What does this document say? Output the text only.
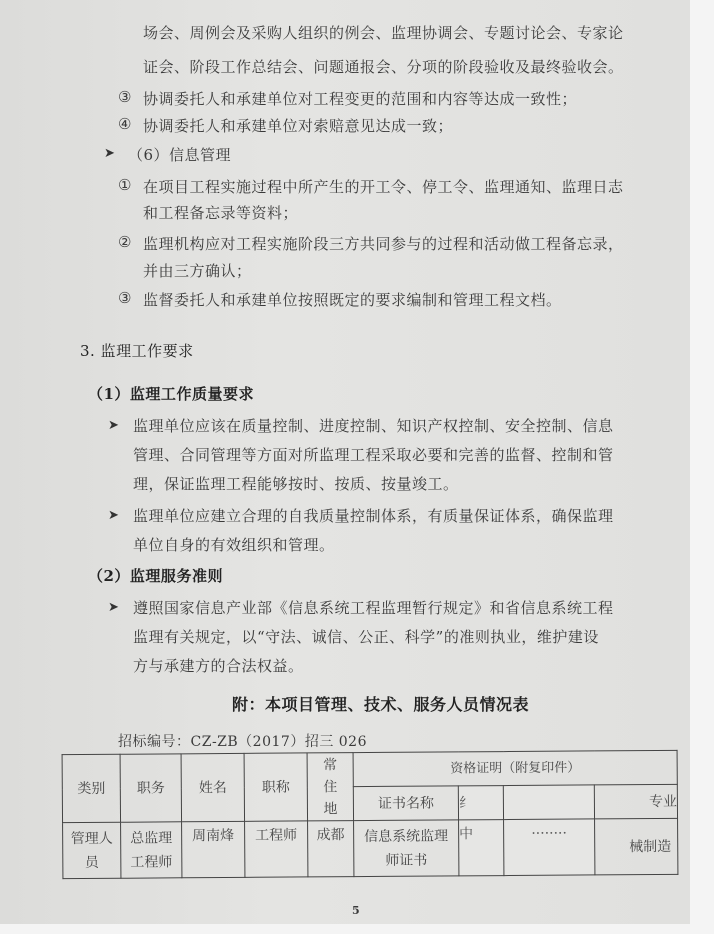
场会、周例会及采购人组织的例会、监理协调会、专题讨论会、专家论
证会、阶段工作总结会、问题通报会、分项的阶段验收及最终验收会。
③ 协调委托人和承建单位对工程变更的范围和内容等达成一致性；
④ 协调委托人和承建单位对索赔意见达成一致；
➤ （6）信息管理
① 在项目工程实施过程中所产生的开工令、停工令、监理通知、监理日志
和工程备忘录等资料；
② 监理机构应对工程实施阶段三方共同参与的过程和活动做工程备忘录，
并由三方确认；
③ 监督委托人和承建单位按照既定的要求编制和管理工程文档。
3. 监理工作要求
（1）监理工作质量要求
➤ 监理单位应该在质量控制、进度控制、知识产权控制、安全控制、信息
管理、合同管理等方面对所监理工程采取必要和完善的监督、控制和管
理，保证监理工程能够按时、按质、按量竣工。
➤ 监理单位应建立合理的自我质量控制体系，有质量保证体系，确保监理
单位自身的有效组织和管理。
（2）监理服务准则
➤ 遵照国家信息产业部《信息系统工程监理暂行规定》和省信息系统工程
监理有关规定，以“守法、诚信、公正、科学”的准则执业，维护建设
方与承建方的合法权益。
附：本项目管理、技术、服务人员情况表
招标编号：CZ-ZB（2017）招三 026
类别	职务	姓名	职称	常住地	资格证明（附复印件）			
					证书名称	纟		专业
管理人员	总监理工程师	周南烽	工程师	成都	信息系统监理师证书	中	········	械制造
5
